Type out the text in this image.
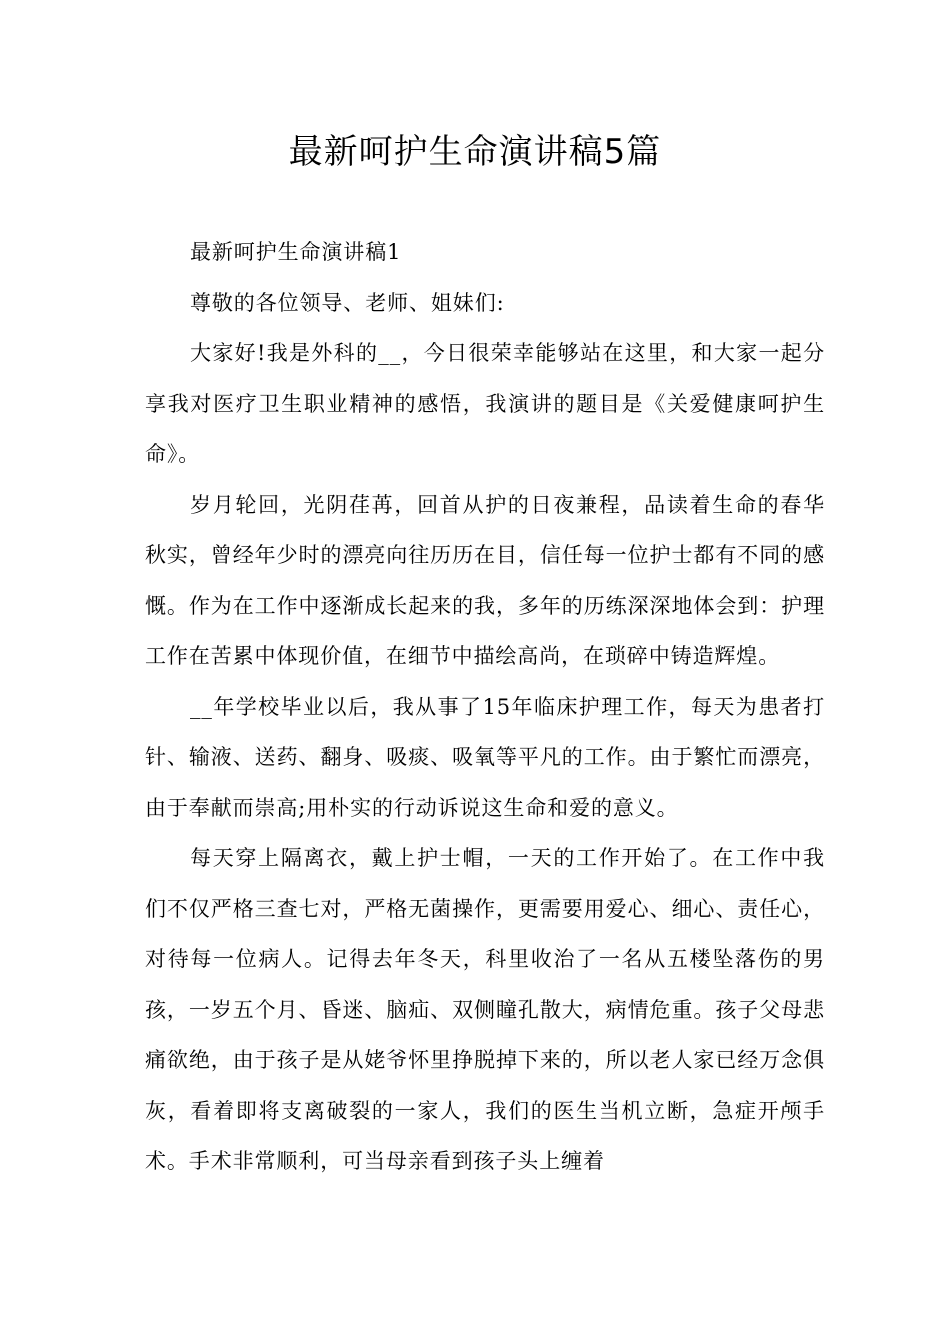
最新呵护生命演讲稿5篇

最新呵护生命演讲稿1

尊敬的各位领导、老师、姐妹们:

大家好!我是外科的__，今日很荣幸能够站在这里，和大家一起分享我对医疗卫生职业精神的感悟，我演讲的题目是《关爱健康呵护生命》。

岁月轮回，光阴荏苒，回首从护的日夜兼程，品读着生命的春华秋实，曾经年少时的漂亮向往历历在目，信任每一位护士都有不同的感慨。作为在工作中逐渐成长起来的我，多年的历练深深地体会到：护理工作在苦累中体现价值，在细节中描绘高尚，在琐碎中铸造辉煌。

__年学校毕业以后，我从事了15年临床护理工作，每天为患者打针、输液、送药、翻身、吸痰、吸氧等平凡的工作。由于繁忙而漂亮，由于奉献而崇高;用朴实的行动诉说这生命和爱的意义。

每天穿上隔离衣，戴上护士帽，一天的工作开始了。在工作中我们不仅严格三查七对，严格无菌操作，更需要用爱心、细心、责任心，对待每一位病人。记得去年冬天，科里收治了一名从五楼坠落伤的男孩，一岁五个月、昏迷、脑疝、双侧瞳孔散大，病情危重。孩子父母悲痛欲绝，由于孩子是从姥爷怀里挣脱掉下来的，所以老人家已经万念俱灰，看着即将支离破裂的一家人，我们的医生当机立断，急症开颅手术。手术非常顺利，可当母亲看到孩子头上缠着
